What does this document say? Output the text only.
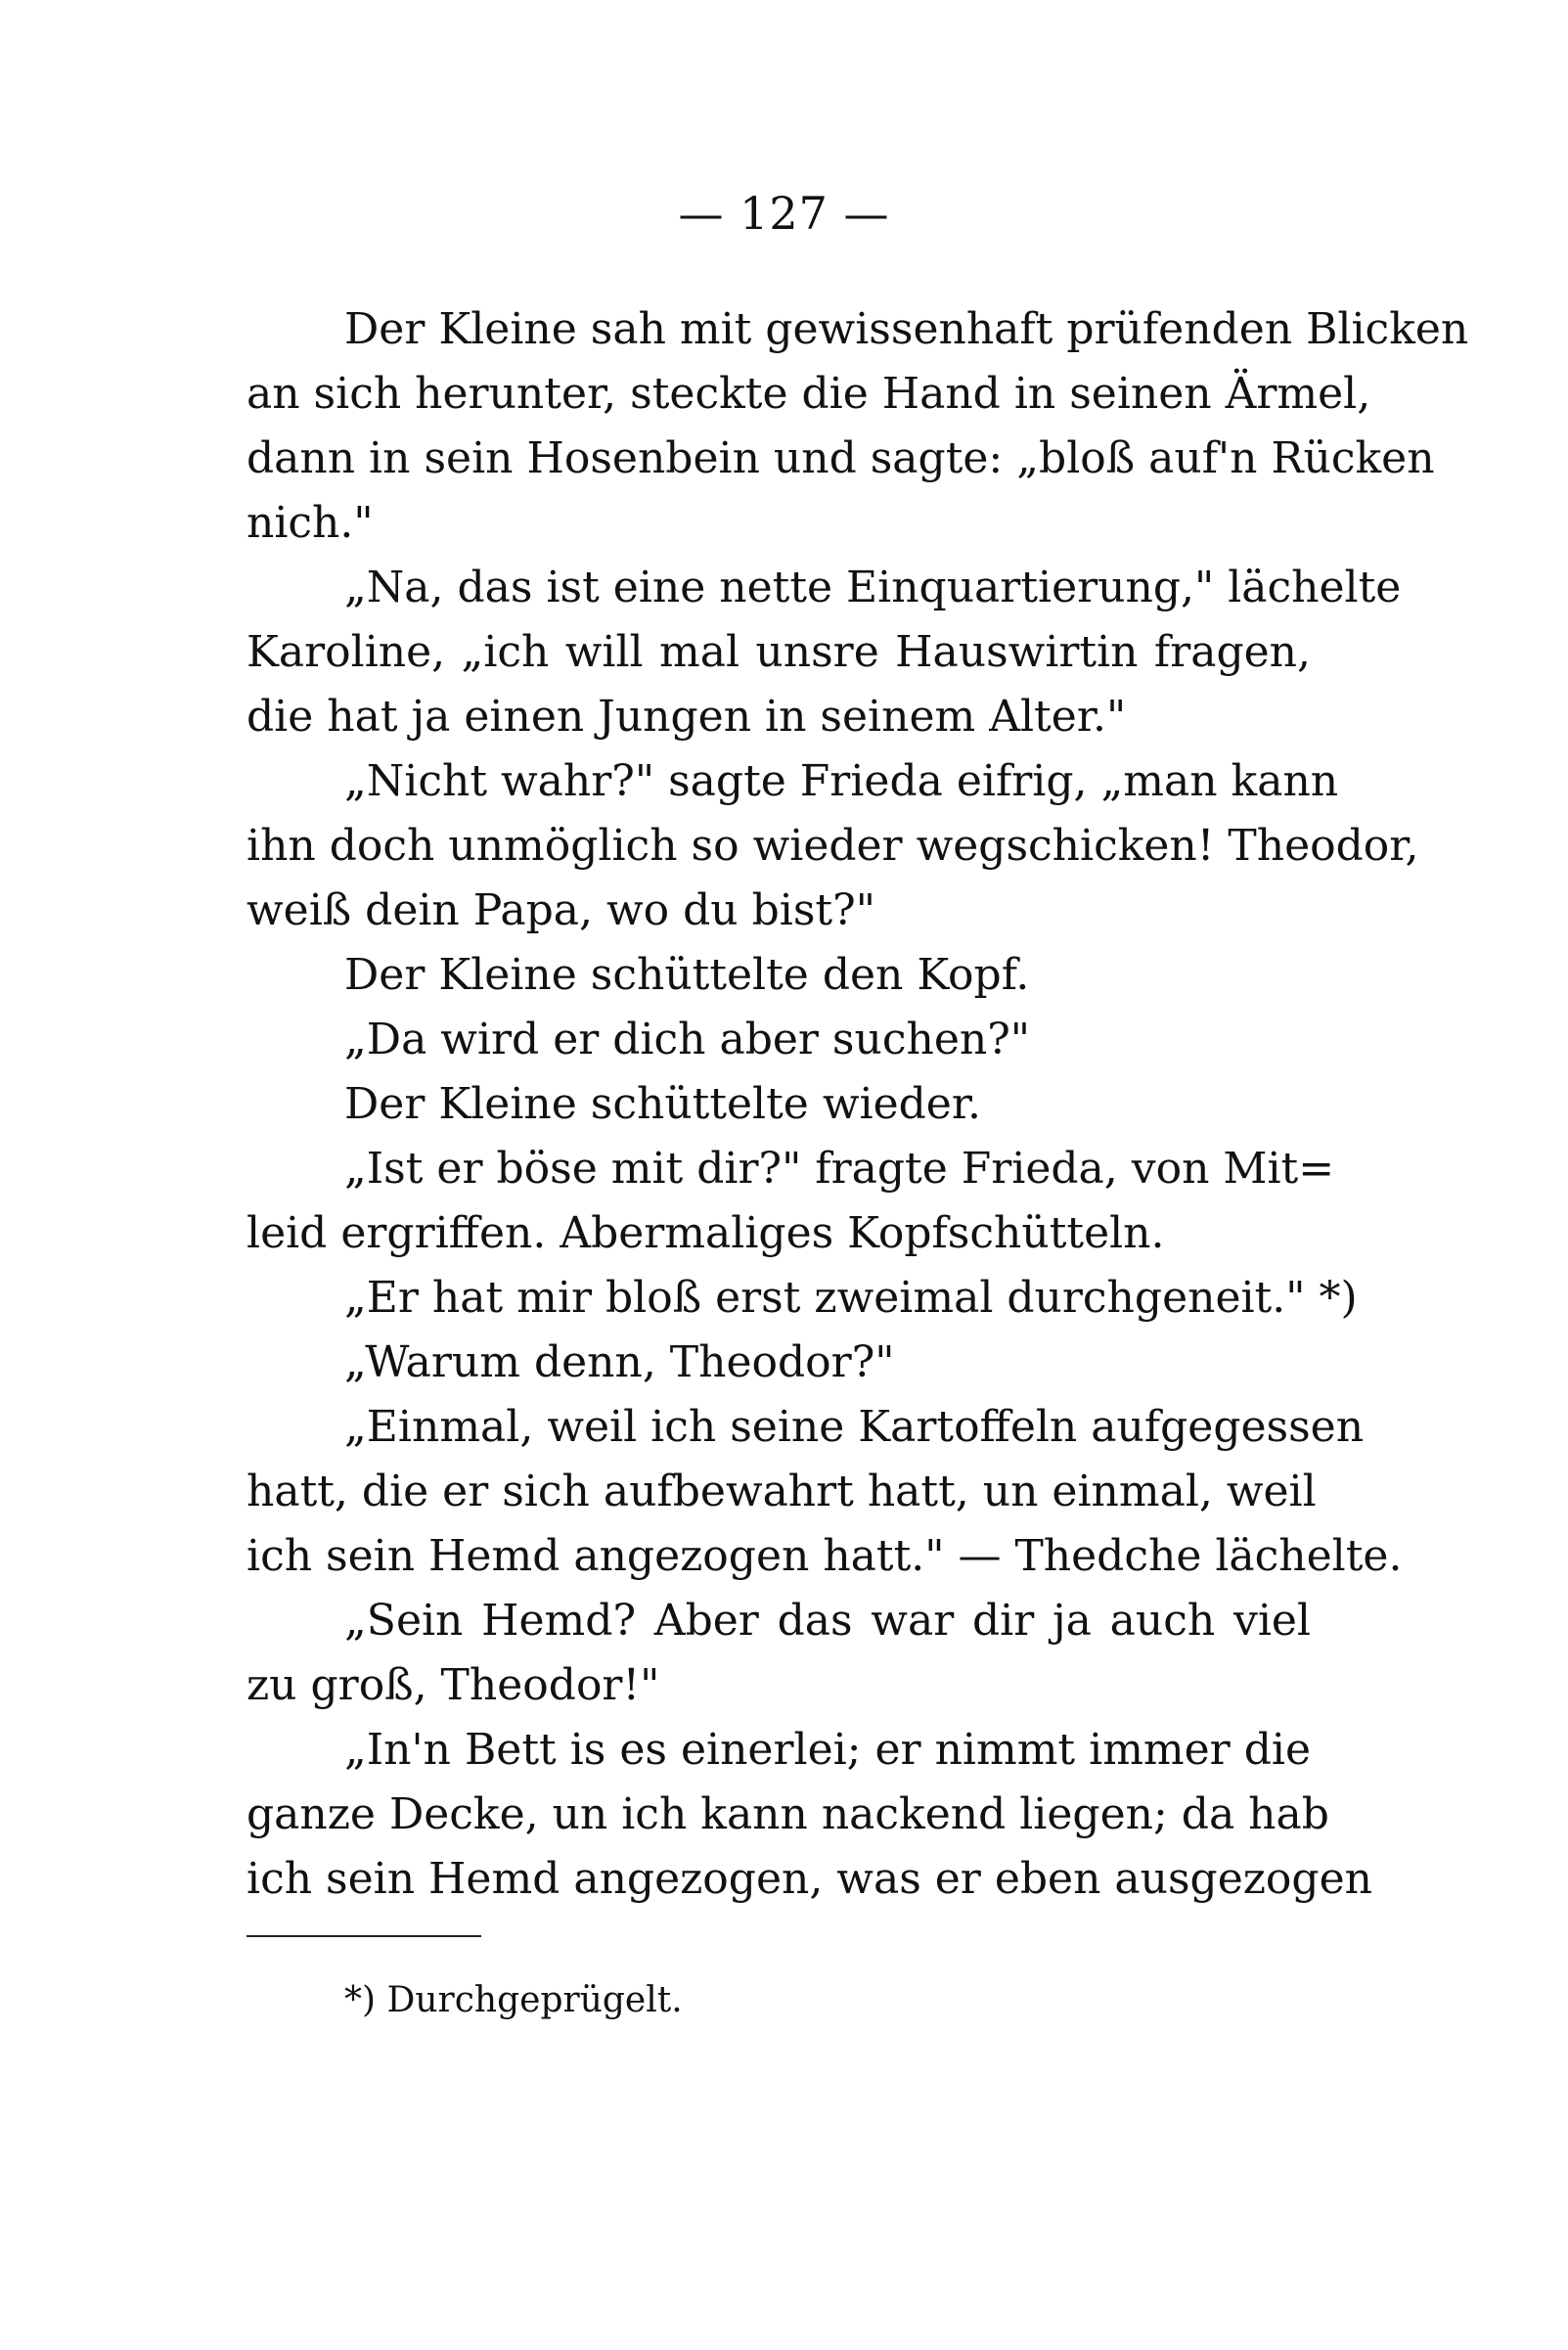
— 127 —
Der Kleine sah mit gewissenhaft prüfenden Blicken
an sich herunter, steckte die Hand in seinen Ärmel,
dann in sein Hosenbein und sagte: „bloß auf'n Rücken
nich."
„Na, das ist eine nette Einquartierung," lächelte
Karoline, „ich will mal unsre Hauswirtin fragen,
die hat ja einen Jungen in seinem Alter."
„Nicht wahr?" sagte Frieda eifrig, „man kann
ihn doch unmöglich so wieder wegschicken! Theodor,
weiß dein Papa, wo du bist?"
Der Kleine schüttelte den Kopf.
„Da wird er dich aber suchen?"
Der Kleine schüttelte wieder.
„Ist er böse mit dir?" fragte Frieda, von Mit=
leid ergriffen. Abermaliges Kopfschütteln.
„Er hat mir bloß erst zweimal durchgeneit." *)
„Warum denn, Theodor?"
„Einmal, weil ich seine Kartoffeln aufgegessen
hatt, die er sich aufbewahrt hatt, un einmal, weil
ich sein Hemd angezogen hatt." — Thedche lächelte.
„Sein Hemd? Aber das war dir ja auch viel
zu groß, Theodor!"
„In'n Bett is es einerlei; er nimmt immer die
ganze Decke, un ich kann nackend liegen; da hab
ich sein Hemd angezogen, was er eben ausgezogen
*) Durchgeprügelt.
